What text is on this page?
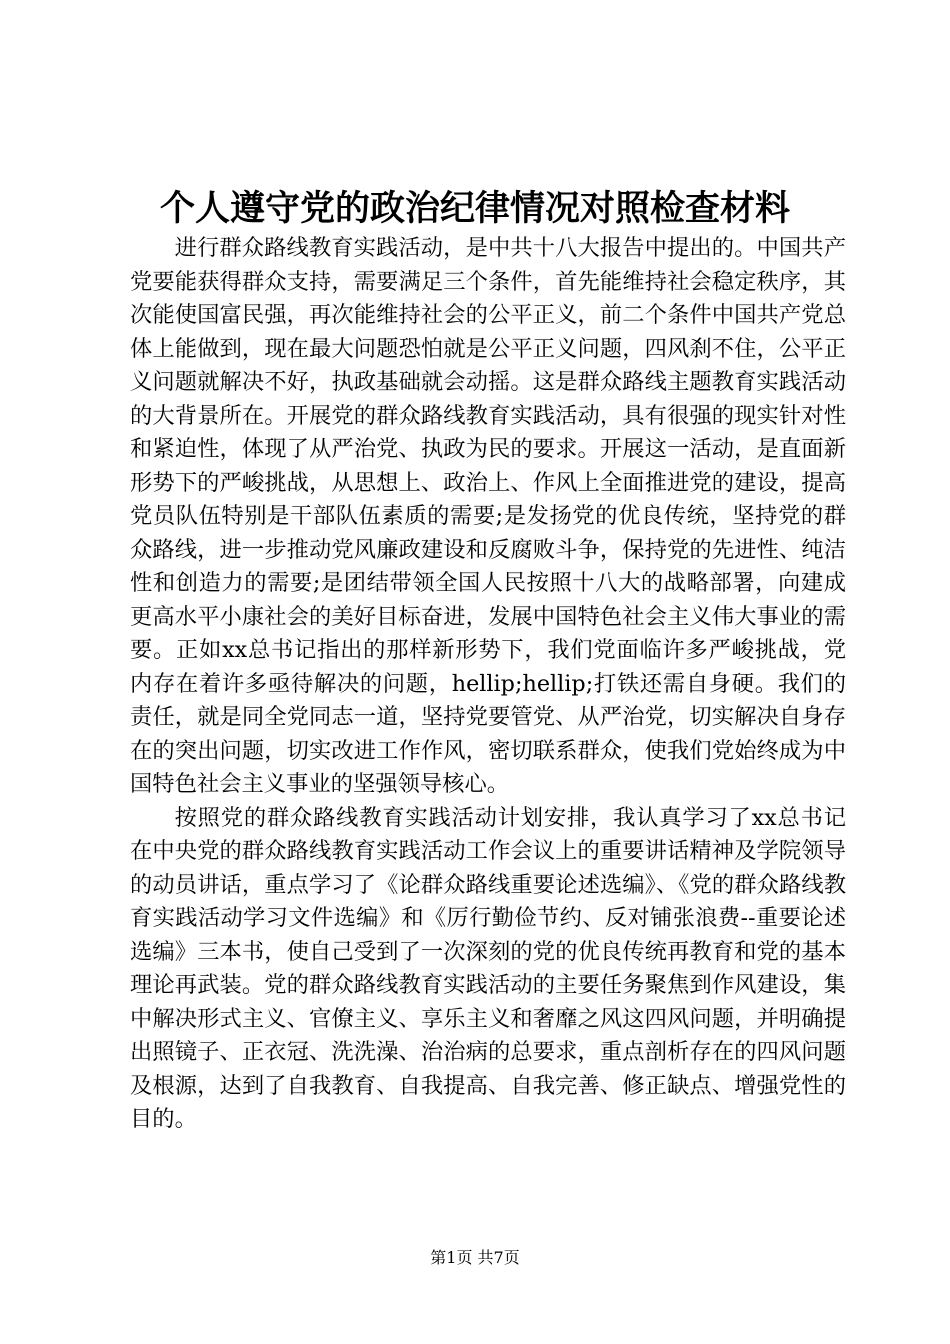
个人遵守党的政治纪律情况对照检查材料

进行群众路线教育实践活动，是中共十八大报告中提出的。中国共产党要能获得群众支持，需要满足三个条件，首先能维持社会稳定秩序，其次能使国富民强，再次能维持社会的公平正义，前二个条件中国共产党总体上能做到，现在最大问题恐怕就是公平正义问题，四风刹不住，公平正义问题就解决不好，执政基础就会动摇。这是群众路线主题教育实践活动的大背景所在。开展党的群众路线教育实践活动，具有很强的现实针对性和紧迫性，体现了从严治党、执政为民的要求。开展这一活动，是直面新形势下的严峻挑战，从思想上、政治上、作风上全面推进党的建设，提高党员队伍特别是干部队伍素质的需要;是发扬党的优良传统，坚持党的群众路线，进一步推动党风廉政建设和反腐败斗争，保持党的先进性、纯洁性和创造力的需要;是团结带领全国人民按照十八大的战略部署，向建成更高水平小康社会的美好目标奋进，发展中国特色社会主义伟大事业的需要。正如xx总书记指出的那样新形势下，我们党面临许多严峻挑战，党内存在着许多亟待解决的问题，hellip;hellip;打铁还需自身硬。我们的责任，就是同全党同志一道，坚持党要管党、从严治党，切实解决自身存在的突出问题，切实改进工作作风，密切联系群众，使我们党始终成为中国特色社会主义事业的坚强领导核心。

按照党的群众路线教育实践活动计划安排，我认真学习了xx总书记在中央党的群众路线教育实践活动工作会议上的重要讲话精神及学院领导的动员讲话，重点学习了《论群众路线重要论述选编》、《党的群众路线教育实践活动学习文件选编》和《厉行勤俭节约、反对铺张浪费--重要论述选编》三本书，使自己受到了一次深刻的党的优良传统再教育和党的基本理论再武装。党的群众路线教育实践活动的主要任务聚焦到作风建设，集中解决形式主义、官僚主义、享乐主义和奢靡之风这四风问题，并明确提出照镜子、正衣冠、洗洗澡、治治病的总要求，重点剖析存在的四风问题及根源，达到了自我教育、自我提高、自我完善、修正缺点、增强党性的目的。

第1页 共7页
